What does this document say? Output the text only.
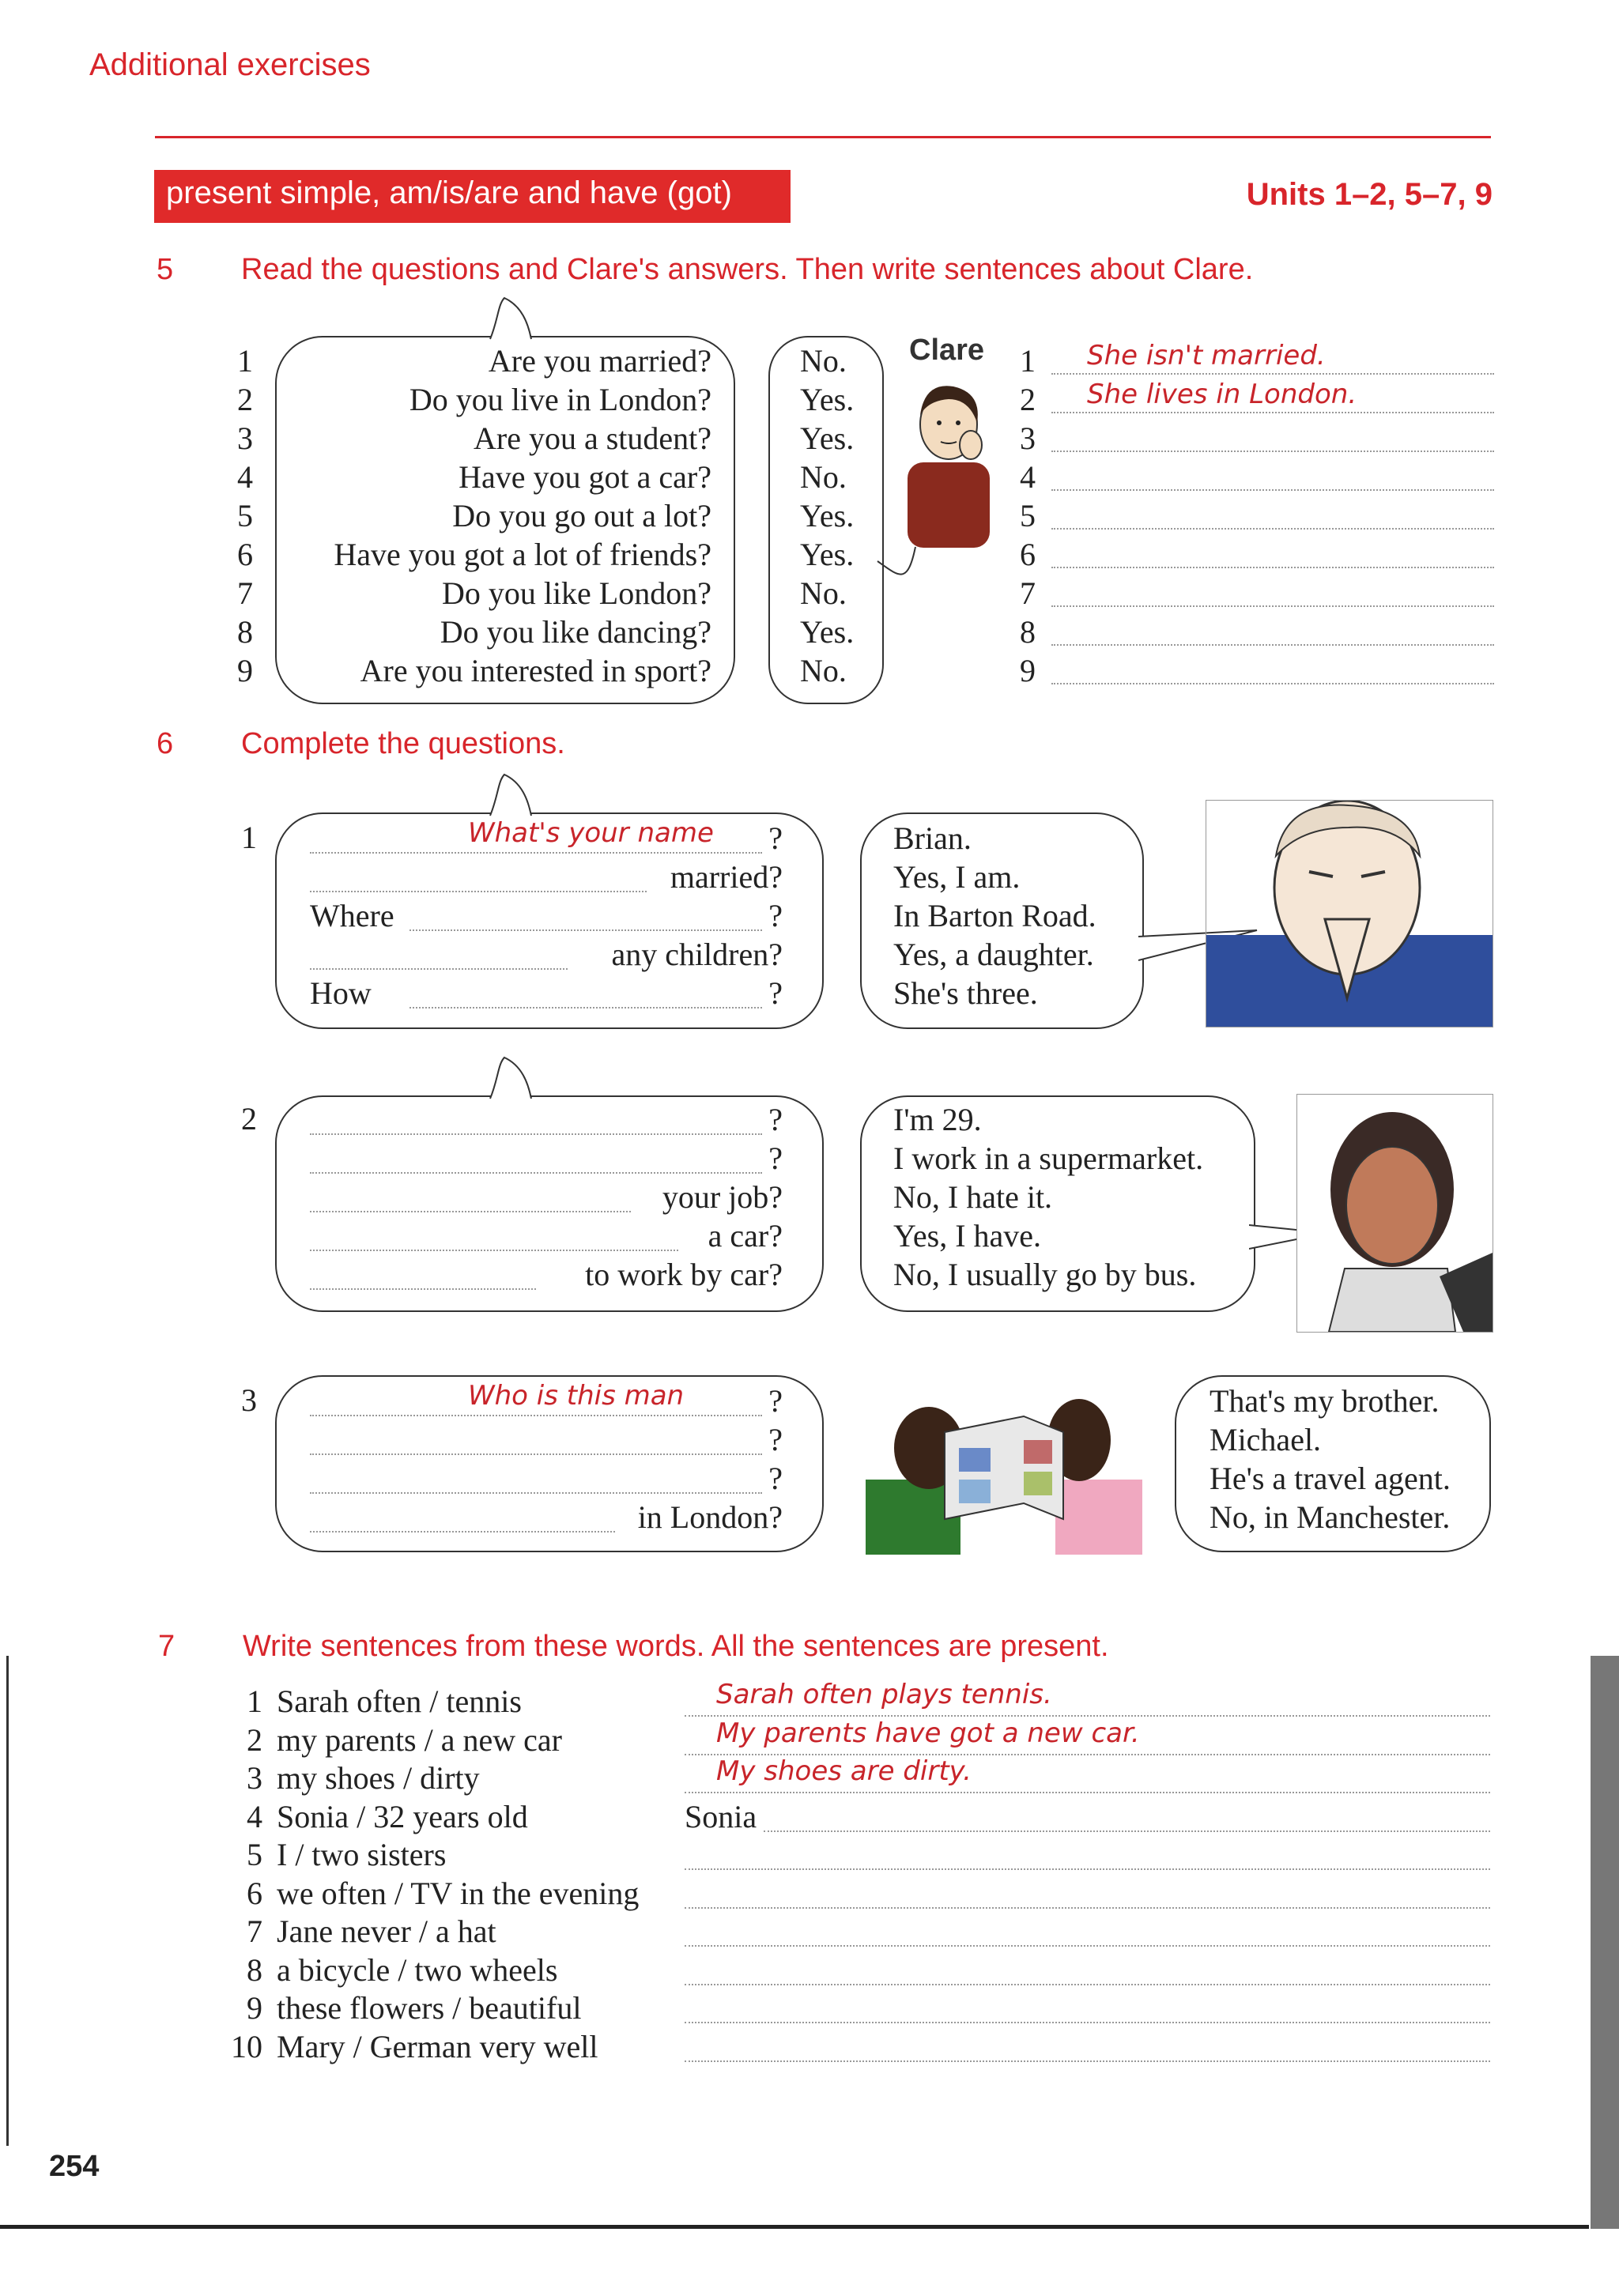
Additional exercises
present simple, am/is/are and have (got)	Units 1–2, 5–7, 9
5 Read the questions and Clare's answers. Then write sentences about Clare.
1	Are you married?	No.	1 She isn't married.
2	Do you live in London?	Yes.	2 She lives in London.
3	Are you a student?	Yes.	3
4	Have you got a car?	No.	4
5	Do you go out a lot?	Yes.	5
6	Have you got a lot of friends?	Yes.	6
7	Do you like London?	No.	7
8	Do you like dancing?	Yes.	8
9	Are you interested in sport?	No.	9
Clare
6 Complete the questions.
1	What's your name ?
married?
Where	?
any children?
How	?
Brian.
Yes, I am.
In Barton Road.
Yes, a daughter.
She's three.
2	?
?
your job?
a car?
to work by car?
I'm 29.
I work in a supermarket.
No, I hate it.
Yes, I have.
No, I usually go by bus.
3	Who is this man	?
?
?
in London?
That's my brother.
Michael.
He's a travel agent.
No, in Manchester.
7 Write sentences from these words. All the sentences are present.
1 Sarah often / tennis	Sarah often plays tennis.
2 my parents / a new car	My parents have got a new car.
3 my shoes / dirty	My shoes are dirty.
4 Sonia / 32 years old	Sonia
5 I / two sisters
6 we often / TV in the evening
7 Jane never / a hat
8 a bicycle / two wheels
9 these flowers / beautiful
10 Mary / German very well
254
